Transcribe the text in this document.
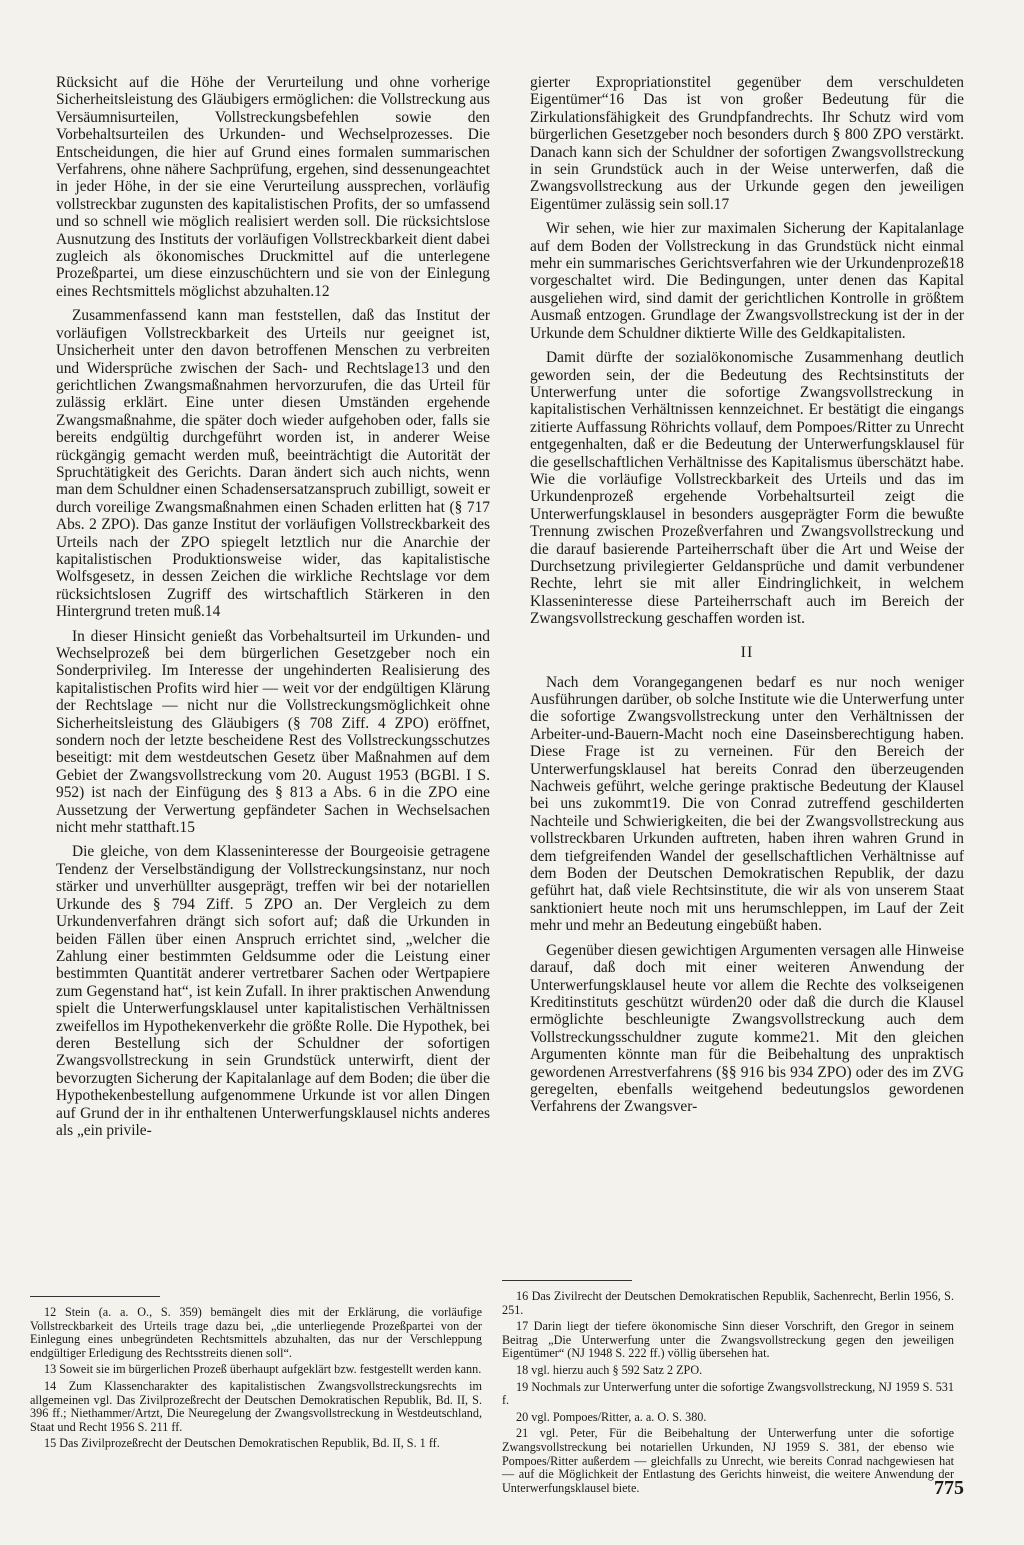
Rücksicht auf die Höhe der Verurteilung und ohne vorherige Sicherheitsleistung des Gläubigers ermöglichen: die Vollstreckung aus Versäumnisurteilen, Vollstreckungsbefehlen sowie den Vorbehaltsurteilen des Urkunden- und Wechselprozesses. Die Entscheidungen, die hier auf Grund eines formalen summarischen Verfahrens, ohne nähere Sachprüfung, ergehen, sind dessenungeachtet in jeder Höhe, in der sie eine Verurteilung aussprechen, vorläufig vollstreckbar zugunsten des kapitalistischen Profits, der so umfassend und so schnell wie möglich realisiert werden soll. Die rücksichtslose Ausnutzung des Instituts der vorläufigen Vollstreckbarkeit dient dabei zugleich als ökonomisches Druckmittel auf die unterlegene Prozeßpartei, um diese einzuschüchtern und sie von der Einlegung eines Rechtsmittels möglichst abzuhalten.12

Zusammenfassend kann man feststellen, daß das Institut der vorläufigen Vollstreckbarkeit des Urteils nur geeignet ist, Unsicherheit unter den davon betroffenen Menschen zu verbreiten und Widersprüche zwischen der Sach- und Rechtslage13 und den gerichtlichen Zwangsmaßnahmen hervorzurufen, die das Urteil für zulässig erklärt. Eine unter diesen Umständen ergehende Zwangsmaßnahme, die später doch wieder aufgehoben oder, falls sie bereits endgültig durchgeführt worden ist, in anderer Weise rückgängig gemacht werden muß, beeinträchtigt die Autorität der Spruchtätigkeit des Gerichts. Daran ändert sich auch nichts, wenn man dem Schuldner einen Schadensersatzanspruch zubilligt, soweit er durch voreilige Zwangsmaßnahmen einen Schaden erlitten hat (§ 717 Abs. 2 ZPO). Das ganze Institut der vorläufigen Vollstreckbarkeit des Urteils nach der ZPO spiegelt letztlich nur die Anarchie der kapitalistischen Produktionsweise wider, das kapitalistische Wolfsgesetz, in dessen Zeichen die wirkliche Rechtslage vor dem rücksichtslosen Zugriff des wirtschaftlich Stärkeren in den Hintergrund treten muß.14

In dieser Hinsicht genießt das Vorbehaltsurteil im Urkunden- und Wechselprozeß bei dem bürgerlichen Gesetzgeber noch ein Sonderprivileg. Im Interesse der ungehinderten Realisierung des kapitalistischen Profits wird hier — weit vor der endgültigen Klärung der Rechtslage — nicht nur die Vollstreckungsmöglichkeit ohne Sicherheitsleistung des Gläubigers (§ 708 Ziff. 4 ZPO) eröffnet, sondern noch der letzte bescheidene Rest des Vollstreckungsschutzes beseitigt: mit dem westdeutschen Gesetz über Maßnahmen auf dem Gebiet der Zwangsvollstreckung vom 20. August 1953 (BGBl. I S. 952) ist nach der Einfügung des § 813 a Abs. 6 in die ZPO eine Aussetzung der Verwertung gepfändeter Sachen in Wechselsachen nicht mehr statthaft.15

Die gleiche, von dem Klasseninteresse der Bourgeoisie getragene Tendenz der Verselbständigung der Vollstreckungsinstanz, nur noch stärker und unverhüllter ausgeprägt, treffen wir bei der notariellen Urkunde des § 794 Ziff. 5 ZPO an. Der Vergleich zu dem Urkundenverfahren drängt sich sofort auf; daß die Urkunden in beiden Fällen über einen Anspruch errichtet sind, „welcher die Zahlung einer bestimmten Geldsumme oder die Leistung einer bestimmten Quantität anderer vertretbarer Sachen oder Wertpapiere zum Gegenstand hat“, ist kein Zufall. In ihrer praktischen Anwendung spielt die Unterwerfungsklausel unter kapitalistischen Verhältnissen zweifellos im Hypothekenverkehr die größte Rolle. Die Hypothek, bei deren Bestellung sich der Schuldner der sofortigen Zwangsvollstreckung in sein Grundstück unterwirft, dient der bevorzugten Sicherung der Kapitalanlage auf dem Boden; die über die Hypothekenbestellung aufgenommene Urkunde ist vor allen Dingen auf Grund der in ihr enthaltenen Unterwerfungsklausel nichts anderes als „ein privile-

gierter Expropriationstitel gegenüber dem verschuldeten Eigentümer“16 Das ist von großer Bedeutung für die Zirkulationsfähigkeit des Grundpfandrechts. Ihr Schutz wird vom bürgerlichen Gesetzgeber noch besonders durch § 800 ZPO verstärkt. Danach kann sich der Schuldner der sofortigen Zwangsvollstreckung in sein Grundstück auch in der Weise unterwerfen, daß die Zwangsvollstreckung aus der Urkunde gegen den jeweiligen Eigentümer zulässig sein soll.17

Wir sehen, wie hier zur maximalen Sicherung der Kapitalanlage auf dem Boden der Vollstreckung in das Grundstück nicht einmal mehr ein summarisches Gerichtsverfahren wie der Urkundenprozeß18 vorgeschaltet wird. Die Bedingungen, unter denen das Kapital ausgeliehen wird, sind damit der gerichtlichen Kontrolle in größtem Ausmaß entzogen. Grundlage der Zwangsvollstreckung ist der in der Urkunde dem Schuldner diktierte Wille des Geldkapitalisten.

Damit dürfte der sozialökonomische Zusammenhang deutlich geworden sein, der die Bedeutung des Rechtsinstituts der Unterwerfung unter die sofortige Zwangsvollstreckung in kapitalistischen Verhältnissen kennzeichnet. Er bestätigt die eingangs zitierte Auffassung Röhrichts vollauf, dem Pompoes/Ritter zu Unrecht entgegenhalten, daß er die Bedeutung der Unterwerfungsklausel für die gesellschaftlichen Verhältnisse des Kapitalismus überschätzt habe. Wie die vorläufige Vollstreckbarkeit des Urteils und das im Urkundenprozeß ergehende Vorbehaltsurteil zeigt die Unterwerfungsklausel in besonders ausgeprägter Form die bewußte Trennung zwischen Prozeßverfahren und Zwangsvollstreckung und die darauf basierende Parteiherrschaft über die Art und Weise der Durchsetzung privilegierter Geldansprüche und damit verbundener Rechte, lehrt sie mit aller Eindringlichkeit, in welchem Klasseninteresse diese Parteiherrschaft auch im Bereich der Zwangsvollstreckung geschaffen worden ist.

II

Nach dem Vorangegangenen bedarf es nur noch weniger Ausführungen darüber, ob solche Institute wie die Unterwerfung unter die sofortige Zwangsvollstreckung unter den Verhältnissen der Arbeiter-und-Bauern-Macht noch eine Daseinsberechtigung haben. Diese Frage ist zu verneinen. Für den Bereich der Unterwerfungsklausel hat bereits Conrad den überzeugenden Nachweis geführt, welche geringe praktische Bedeutung der Klausel bei uns zukommt19. Die von Conrad zutreffend geschilderten Nachteile und Schwierigkeiten, die bei der Zwangsvollstreckung aus vollstreckbaren Urkunden auftreten, haben ihren wahren Grund in dem tiefgreifenden Wandel der gesellschaftlichen Verhältnisse auf dem Boden der Deutschen Demokratischen Republik, der dazu geführt hat, daß viele Rechtsinstitute, die wir als von unserem Staat sanktioniert heute noch mit uns herumschleppen, im Lauf der Zeit mehr und mehr an Bedeutung eingebüßt haben.

Gegenüber diesen gewichtigen Argumenten versagen alle Hinweise darauf, daß doch mit einer weiteren Anwendung der Unterwerfungsklausel heute vor allem die Rechte des volkseigenen Kreditinstituts geschützt würden20 oder daß die durch die Klausel ermöglichte beschleunigte Zwangsvollstreckung auch dem Vollstreckungsschuldner zugute komme21. Mit den gleichen Argumenten könnte man für die Beibehaltung des unpraktisch gewordenen Arrestverfahrens (§§ 916 bis 934 ZPO) oder des im ZVG geregelten, ebenfalls weitgehend bedeutungslos gewordenen Verfahrens der Zwangsver-

12 Stein (a. a. O., S. 359) bemängelt dies mit der Erklärung, die vorläufige Vollstreckbarkeit des Urteils trage dazu bei, „die unterliegende Prozeßpartei von der Einlegung eines unbegründeten Rechtsmittels abzuhalten, das nur der Verschleppung endgültiger Erledigung des Rechtsstreits dienen soll“.

13 Soweit sie im bürgerlichen Prozeß überhaupt aufgeklärt bzw. festgestellt werden kann.

14 Zum Klassencharakter des kapitalistischen Zwangsvollstreckungsrechts im allgemeinen vgl. Das Zivilprozeßrecht der Deutschen Demokratischen Republik, Bd. II, S. 396 ff.; Niethammer/Artzt, Die Neuregelung der Zwangsvollstreckung in Westdeutschland, Staat und Recht 1956 S. 211 ff.

15 Das Zivilprozeßrecht der Deutschen Demokratischen Republik, Bd. II, S. 1 ff.

16 Das Zivilrecht der Deutschen Demokratischen Republik, Sachenrecht, Berlin 1956, S. 251.

17 Darin liegt der tiefere ökonomische Sinn dieser Vorschrift, den Gregor in seinem Beitrag „Die Unterwerfung unter die Zwangsvollstreckung gegen den jeweiligen Eigentümer“ (NJ 1948 S. 222 ff.) völlig übersehen hat.

18 vgl. hierzu auch § 592 Satz 2 ZPO.

19 Nochmals zur Unterwerfung unter die sofortige Zwangsvollstreckung, NJ 1959 S. 531 f.

20 vgl. Pompoes/Ritter, a. a. O. S. 380.

21 vgl. Peter, Für die Beibehaltung der Unterwerfung unter die sofortige Zwangsvollstreckung bei notariellen Urkunden, NJ 1959 S. 381, der ebenso wie Pompoes/Ritter außerdem — gleichfalls zu Unrecht, wie bereits Conrad nachgewiesen hat — auf die Möglichkeit der Entlastung des Gerichts hinweist, die weitere Anwendung der Unterwerfungsklausel biete.	775
